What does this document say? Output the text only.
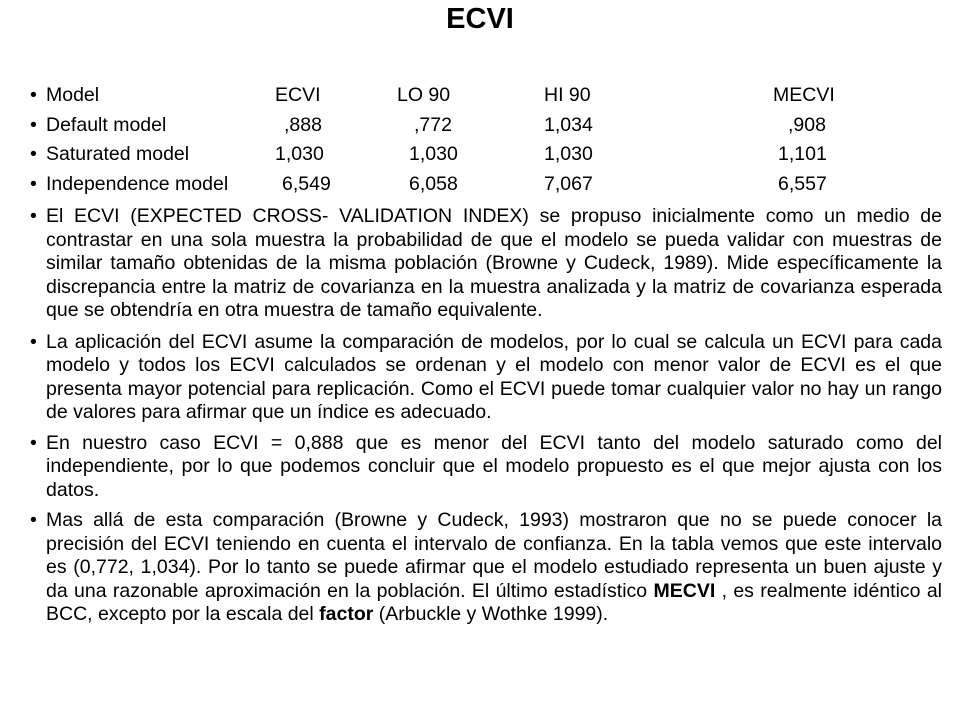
ECVI
• Model	ECVI	LO 90	HI 90	MECVI
• Default model	,888	,772	1,034	,908
• Saturated model	1,030	1,030	1,030	1,101
• Independence model	6,549	6,058	7,067	6,557
• El ECVI (EXPECTED CROSS- VALIDATION INDEX) se propuso inicialmente como un medio de contrastar en una sola muestra la probabilidad de que el modelo se pueda validar con muestras de similar tamaño obtenidas de la misma población (Browne y Cudeck, 1989). Mide específicamente la discrepancia entre la matriz de covarianza en la muestra analizada y la matriz de covarianza esperada que se obtendría en otra muestra de tamaño equivalente.
• La aplicación del ECVI asume la comparación de modelos, por lo cual se calcula un ECVI para cada modelo y todos los ECVI calculados se ordenan y el modelo con menor valor de ECVI es el que presenta mayor potencial para replicación. Como el ECVI puede tomar cualquier valor no hay un rango de valores para afirmar que un índice es adecuado.
• En nuestro caso ECVI = 0,888 que es menor del ECVI tanto del modelo saturado como del independiente, por lo que podemos concluir que el modelo propuesto es el que mejor ajusta con los datos.
• Mas allá de esta comparación (Browne y Cudeck, 1993) mostraron que no se puede conocer la precisión del ECVI teniendo en cuenta el intervalo de confianza. En la tabla vemos que este intervalo es (0,772, 1,034). Por lo tanto se puede afirmar que el modelo estudiado representa un buen ajuste y da una razonable aproximación en la población. El último estadístico MECVI , es realmente idéntico al BCC, excepto por la escala del factor (Arbuckle y Wothke 1999).
